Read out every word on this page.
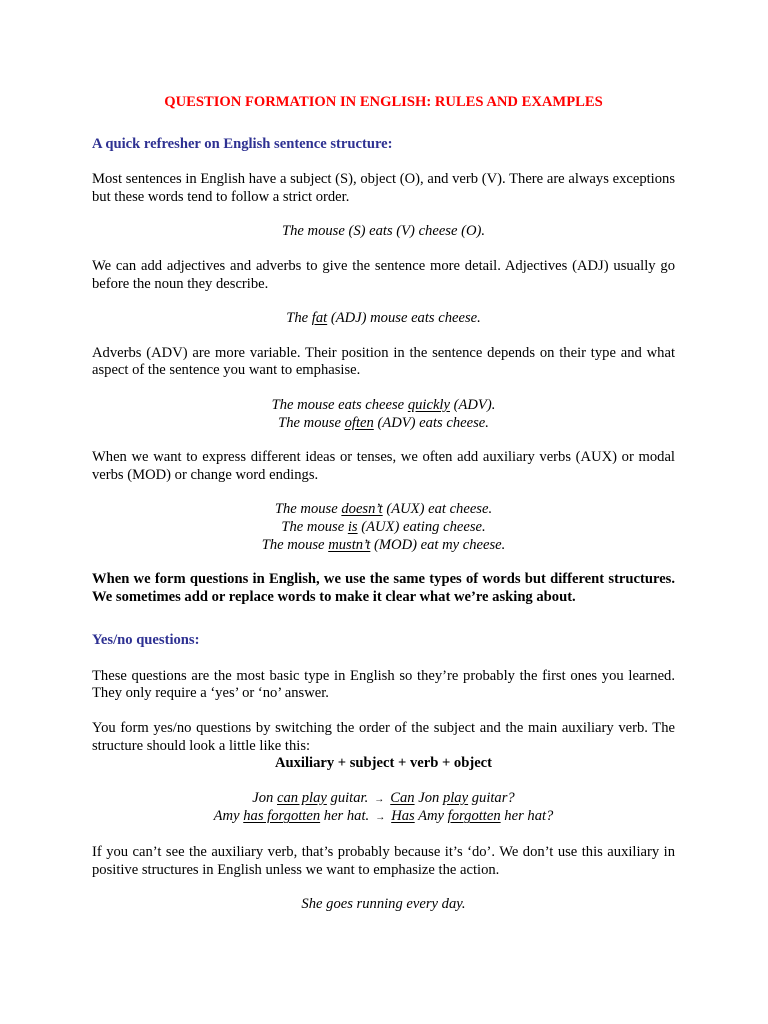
QUESTION FORMATION IN ENGLISH: RULES AND EXAMPLES
A quick refresher on English sentence structure:

Most sentences in English have a subject (S), object (O), and verb (V). There are always exceptions but these words tend to follow a strict order.

The mouse (S) eats (V) cheese (O).

We can add adjectives and adverbs to give the sentence more detail. Adjectives (ADJ) usually go before the noun they describe.

The fat (ADJ) mouse eats cheese.

Adverbs (ADV) are more variable. Their position in the sentence depends on their type and what aspect of the sentence you want to emphasise.

The mouse eats cheese quickly (ADV).
The mouse often (ADV) eats cheese.

When we want to express different ideas or tenses, we often add auxiliary verbs (AUX) or modal verbs (MOD) or change word endings.

The mouse doesn’t (AUX) eat cheese.
The mouse is (AUX) eating cheese.
The mouse mustn’t (MOD) eat my cheese.

When we form questions in English, we use the same types of words but different structures. We sometimes add or replace words to make it clear what we’re asking about.

Yes/no questions:

These questions are the most basic type in English so they’re probably the first ones you learned. They only require a ‘yes’ or ‘no’ answer.

You form yes/no questions by switching the order of the subject and the main auxiliary verb. The structure should look a little like this:

Auxiliary + subject + verb + object
Jon can play guitar. → Can Jon play guitar?
Amy has forgotten her hat. → Has Amy forgotten her hat?

If you can’t see the auxiliary verb, that’s probably because it’s ‘do’. We don’t use this auxiliary in positive structures in English unless we want to emphasize the action.

She goes running every day.
